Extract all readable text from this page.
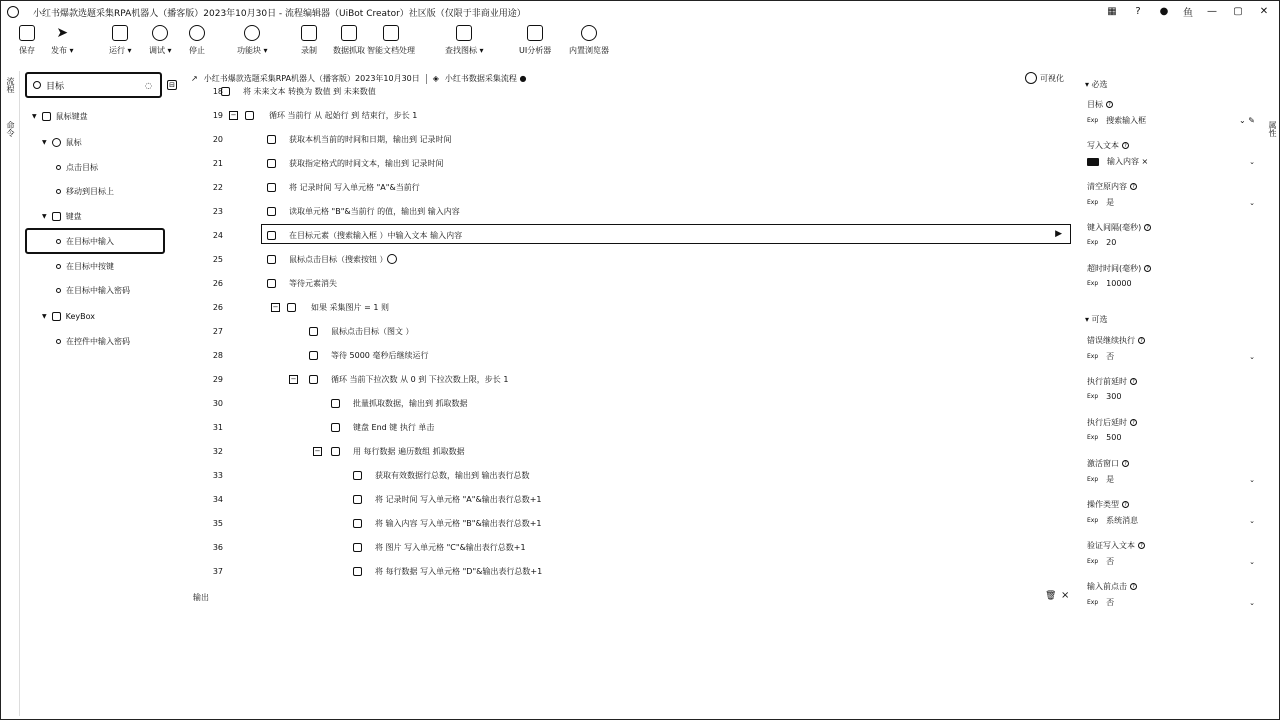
小红书爆款选题采集RPA机器人（播客版）2023年10月30日 - 流程编辑器（UiBot Creator）社区版（仅限于非商业用途）	▦	?	● 鱼 — ▢ ✕
保存
➤
发布 ▾	运行 ▾ 调试 ▾ 停止	功能块 ▾	录制 数据抓取 智能文档处理	查找图标 ▾	UI分析器 内置浏览器
流程
命令
目标
◌ ⊟
▼ 鼠标键盘
▼ 鼠标
点击目标
移动到目标上
▼ 键盘
在目标中输入
在目标中按键
在目标中输入密码
▼ KeyBox
在控件中输入密码
↗ 小红书爆款选题采集RPA机器人（播客版）2023年10月30日 ◈ 小红书数据采集流程 ●	可视化
▶
18	将 未来文本 转换为 数值 到 未来数值
19 −	循环 当前行 从 起始行 到 结束行，步长 1
20	获取本机当前的时间和日期，输出到 记录时间
21	获取指定格式的时间文本，输出到 记录时间
22	将 记录时间 写入单元格 "A"&当前行
23	读取单元格 "B"&当前行 的值，输出到 输入内容
24	在目标元素（搜索输入框 ）中输入文本 输入内容
25	鼠标点击目标（搜索按钮 ）
26	等待元素消失
26	−	如果 采集图片 = 1 则
27	鼠标点击目标（图文 ）
28	等待 5000 毫秒后继续运行
29	−	循环 当前下拉次数 从 0 到 下拉次数上限，步长 1
30	批量抓取数据，输出到 抓取数据
31	键盘 End 键 执行 单击
32	−	用 每行数据 遍历数组 抓取数据
33	获取有效数据行总数，输出到 输出表行总数
34	将 记录时间 写入单元格 "A"&输出表行总数+1
35	将 输入内容 写入单元格 "B"&输出表行总数+1
36	将 图片 写入单元格 "C"&输出表行总数+1
37	将 每行数据 写入单元格 "D"&输出表行总数+1
输出	🗑 ×
▾ 必选
目标 ?
Exp 搜索输入框	⌄ ✎
写入文本 ?
输入内容 ×	⌄
清空原内容 ?
Exp 是	⌄
键入间隔(毫秒) ?
Exp 20
超时时间(毫秒) ?
Exp 10000
▾ 可选
错误继续执行 ?
Exp 否	⌄
执行前延时 ?
Exp 300
执行后延时 ?
Exp 500
激活窗口 ?
Exp 是	⌄
操作类型 ?
Exp 系统消息	⌄
验证写入文本 ?
Exp 否	⌄
输入前点击 ?
Exp 否	⌄
属性
